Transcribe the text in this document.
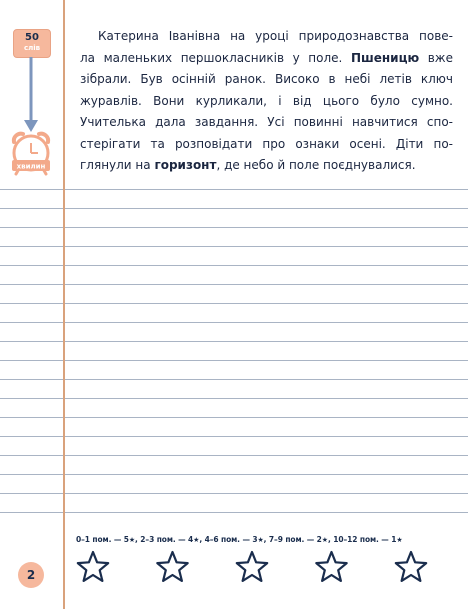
50
слів
хвилин
Катерина Іванівна на уроці природознавства пове-
ла маленьких першокласників у поле. Пшеницю вже
зібрали. Був осінній ранок. Високо в небі летів ключ
журавлів. Вони курликали, і від цього було сумно.
Учителька дала завдання. Усі повинні навчитися спо-
стерігати та розповідати про ознаки осені. Діти по-
глянули на горизонт, де небо й поле поєднувалися.
0–1 пом. — 5★, 2–3 пом. — 4★, 4–6 пом. — 3★, 7–9 пом. — 2★, 10–12 пом. — 1★
2
